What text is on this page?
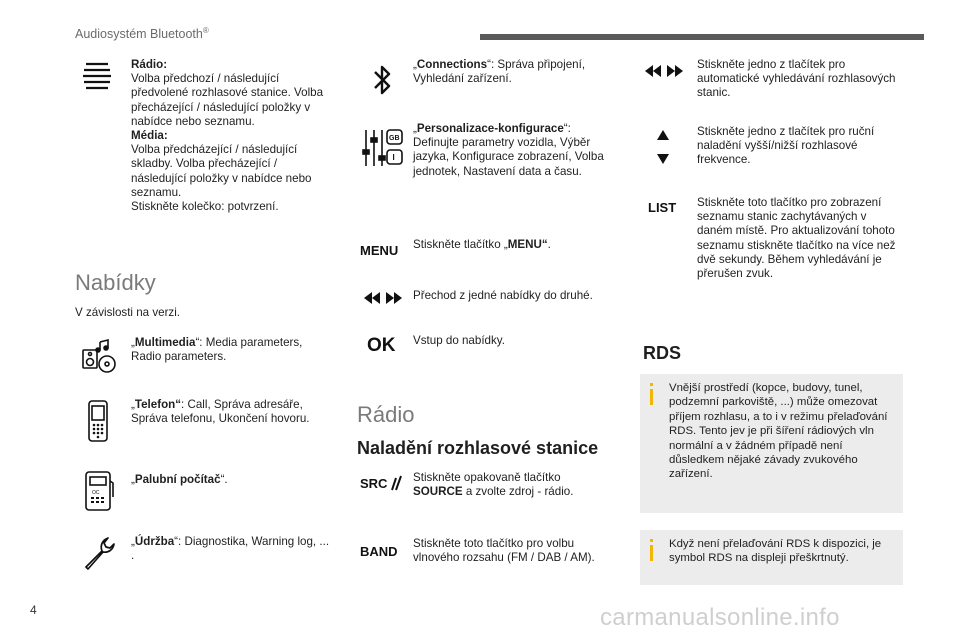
Audiosystém Bluetooth®
Rádio:
Volba předchozí / následující předvolené rozhlasové stanice. Volba přecházející / následující položky v nabídce nebo seznamu.
Média:
Volba předcházející / následující skladby. Volba přecházející / následující položky v nabídce nebo seznamu.
Stiskněte kolečko: potvrzení.
Nabídky
V závislosti na verzi.
„Multimedia“: Media parameters, Radio parameters.
„Telefon“: Call, Správa adresáře, Správa telefonu, Ukončení hovoru.
OC
„Palubní počítač“.
„Údržba“: Diagnostika, Warning log, ... .
„Connections“: Správa připojení, Vyhledání zařízení.
GB
I
„Personalizace-konfigurace“: Definujte parametry vozidla, Výběr jazyka, Konfigurace zobrazení, Volba jednotek, Nastavení data a času.
MENU Stiskněte tlačítko „MENU“.
Přechod z jedné nabídky do druhé.
OK Vstup do nabídky.
Rádio
Naladění rozhlasové stanice
SRC Stiskněte opakovaně tlačítko SOURCE a zvolte zdroj - rádio.
BAND
Stiskněte toto tlačítko pro volbu vlnového rozsahu (FM / DAB / AM).
Stiskněte jedno z tlačítek pro automatické vyhledávání rozhlasových stanic.
Stiskněte jedno z tlačítek pro ruční naladění vyšší/nižší rozhlasové frekvence.
LIST Stiskněte toto tlačítko pro zobrazení seznamu stanic zachytávaných v daném místě. Pro aktualizování tohoto seznamu stiskněte tlačítko na více než dvě sekundy. Během vyhledávání je přerušen zvuk.
RDS
Vnější prostředí (kopce, budovy, tunel, podzemní parkoviště, ...) může omezovat příjem rozhlasu, a to i v režimu přelaďování RDS. Tento jev je při šíření rádiových vln normální a v žádném případě není důsledkem nějaké závady zvukového zařízení.
Když není přelaďování RDS k dispozici, je symbol RDS na displeji přeškrtnutý.
4	carmanualsonline.info
